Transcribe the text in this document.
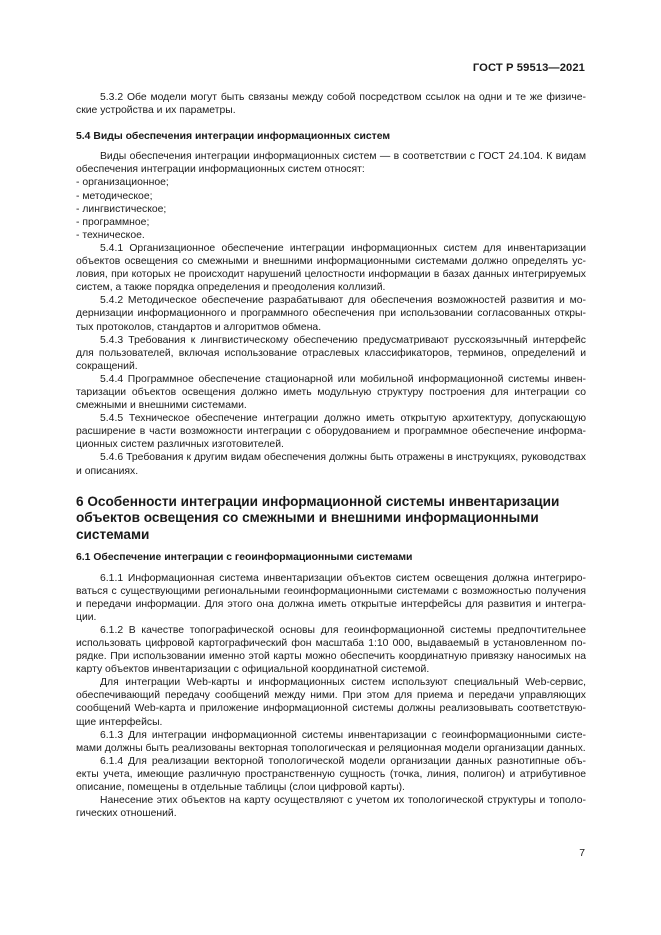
ГОСТ Р 59513—2021

5.3.2 Обе модели могут быть связаны между собой посредством ссылок на одни и те же физические устройства и их параметры.

5.4 Виды обеспечения интеграции информационных систем

Виды обеспечения интеграции информационных систем — в соответствии с ГОСТ 24.104. К видам обеспечения интеграции информационных систем относят:

- организационное;
- методическое;
- лингвистическое;
- программное;
- техническое.

5.4.1 Организационное обеспечение интеграции информационных систем для инвентаризации объектов освещения со смежными и внешними информационными системами должно определять условия, при которых не происходит нарушений целостности информации в базах данных интегрируемых систем, а также порядка определения и преодоления коллизий.

5.4.2 Методическое обеспечение разрабатывают для обеспечения возможностей развития и модернизации информационного и программного обеспечения при использовании согласованных открытых протоколов, стандартов и алгоритмов обмена.

5.4.3 Требования к лингвистическому обеспечению предусматривают русскоязычный интерфейс для пользователей, включая использование отраслевых классификаторов, терминов, определений и сокращений.

5.4.4 Программное обеспечение стационарной или мобильной информационной системы инвентаризации объектов освещения должно иметь модульную структуру построения для интеграции со смежными и внешними системами.

5.4.5 Техническое обеспечение интеграции должно иметь открытую архитектуру, допускающую расширение в части возможности интеграции с оборудованием и программное обеспечение информационных систем различных изготовителей.

5.4.6 Требования к другим видам обеспечения должны быть отражены в инструкциях, руководствах и описаниях.

6 Особенности интеграции информационной системы инвентаризации объектов освещения со смежными и внешними информационными системами
6.1 Обеспечение интеграции с геоинформационными системами

6.1.1 Информационная система инвентаризации объектов систем освещения должна интегрироваться с существующими региональными геоинформационными системами с возможностью получения и передачи информации. Для этого она должна иметь открытые интерфейсы для развития и интеграции.

6.1.2 В качестве топографической основы для геоинформационной системы предпочтительнее использовать цифровой картографический фон масштаба 1:10 000, выдаваемый в установленном порядке. При использовании именно этой карты можно обеспечить координатную привязку наносимых на карту объектов инвентаризации с официальной координатной системой.

Для интеграции Web-карты и информационных систем используют специальный Web-сервис, обеспечивающий передачу сообщений между ними. При этом для приема и передачи управляющих сообщений Web-карта и приложение информационной системы должны реализовывать соответствующие интерфейсы.

6.1.3 Для интеграции информационной системы инвентаризации с геоинформационными системами должны быть реализованы векторная топологическая и реляционная модели организации данных.

6.1.4 Для реализации векторной топологической модели организации данных разнотипные объекты учета, имеющие различную пространственную сущность (точка, линия, полигон) и атрибутивное описание, помещены в отдельные таблицы (слои цифровой карты).

Нанесение этих объектов на карту осуществляют с учетом их топологической структуры и топологических отношений.

7
